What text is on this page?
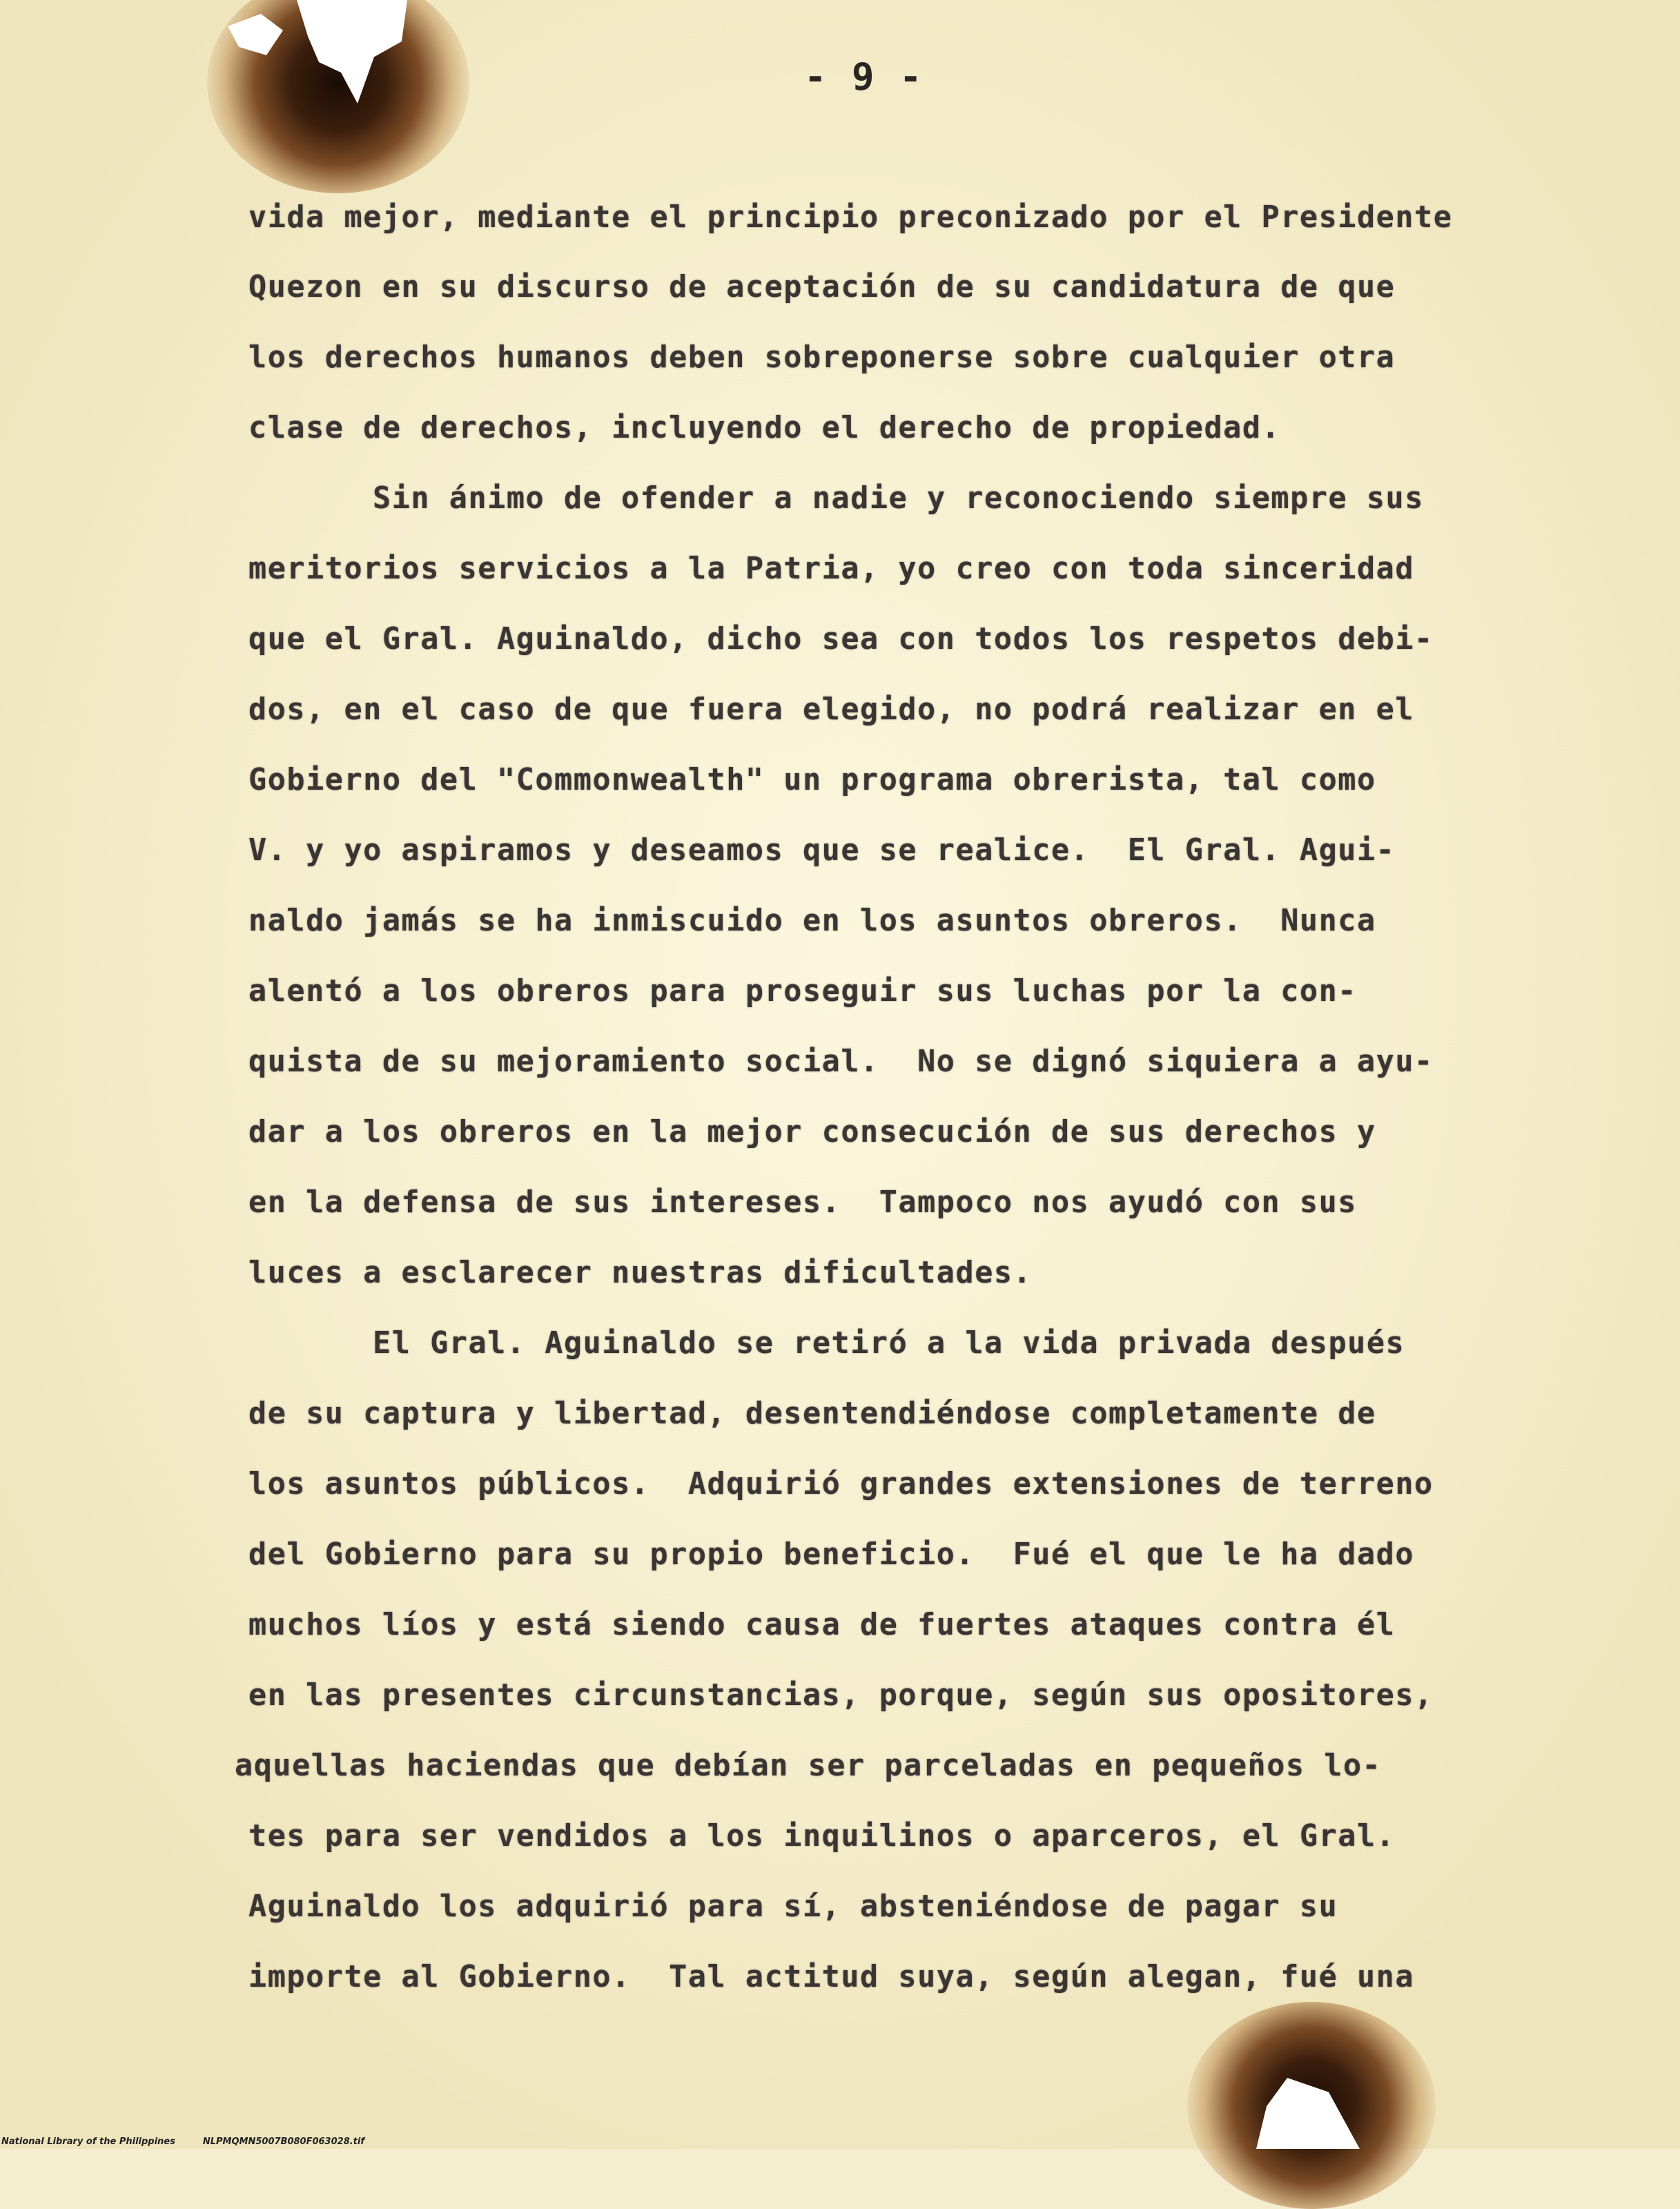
- 9 -
vida mejor, mediante el principio preconizado por el Presidente
Quezon en su discurso de aceptación de su candidatura de que
los derechos humanos deben sobreponerse sobre cualquier otra
clase de derechos, incluyendo el derecho de propiedad.
Sin ánimo de ofender a nadie y reconociendo siempre sus
meritorios servicios a la Patria, yo creo con toda sinceridad
que el Gral. Aguinaldo, dicho sea con todos los respetos debi-
dos, en el caso de que fuera elegido, no podrá realizar en el
Gobierno del "Commonwealth" un programa obrerista, tal como
V. y yo aspiramos y deseamos que se realice.  El Gral. Agui-
naldo jamás se ha inmiscuido en los asuntos obreros.  Nunca
alentó a los obreros para proseguir sus luchas por la con-
quista de su mejoramiento social.  No se dignó siquiera a ayu-
dar a los obreros en la mejor consecución de sus derechos y
en la defensa de sus intereses.  Tampoco nos ayudó con sus
luces a esclarecer nuestras dificultades.
El Gral. Aguinaldo se retiró a la vida privada después
de su captura y libertad, desentendiéndose completamente de
los asuntos públicos.  Adquirió grandes extensiones de terreno
del Gobierno para su propio beneficio.  Fué el que le ha dado
muchos líos y está siendo causa de fuertes ataques contra él
en las presentes circunstancias, porque, según sus opositores,
aquellas haciendas que debían ser parceladas en pequeños lo-
tes para ser vendidos a los inquilinos o aparceros, el Gral.
Aguinaldo los adquirió para sí, absteniéndose de pagar su
importe al Gobierno.  Tal actitud suya, según alegan, fué una
National Library of the Philippines	NLPMQMN5007B080F063028.tif
